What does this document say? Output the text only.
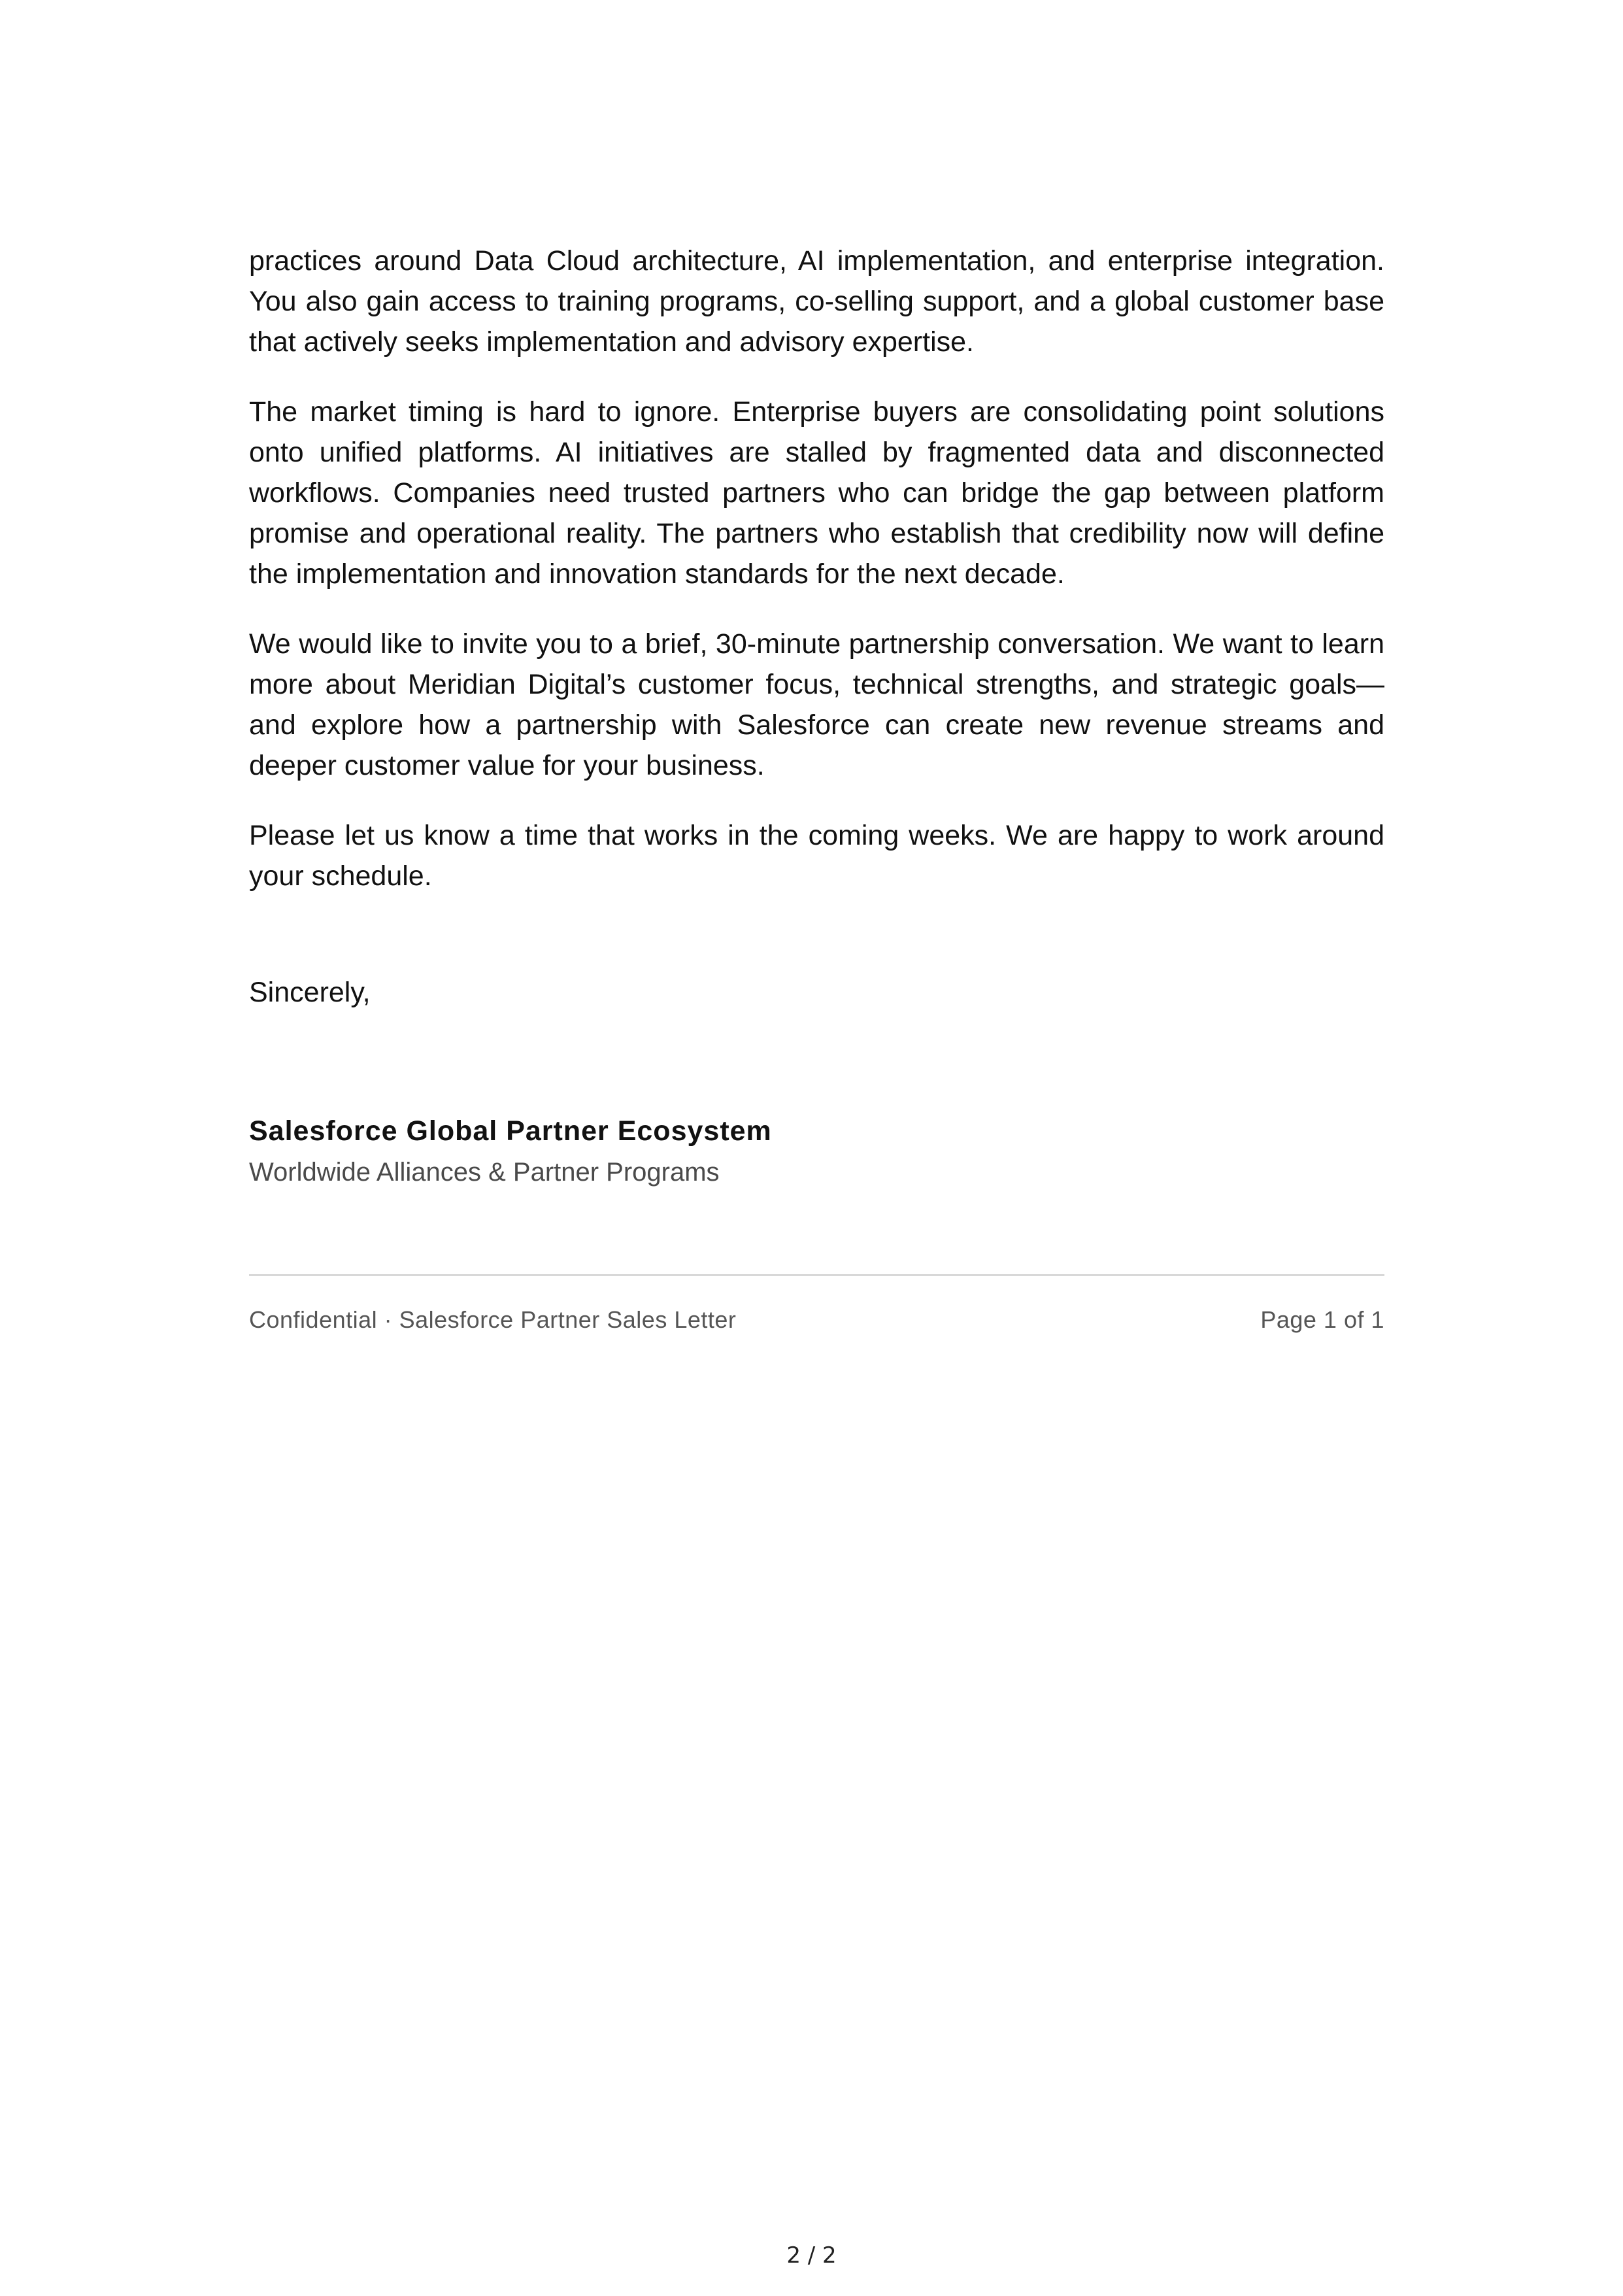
practices around Data Cloud architecture, AI implementation, and enterprise integration. You also gain access to training programs, co-selling support, and a global customer base that actively seeks implementation and advisory expertise.

The market timing is hard to ignore. Enterprise buyers are consolidating point solutions onto unified platforms. AI initiatives are stalled by fragmented data and disconnected workflows. Companies need trusted partners who can bridge the gap between platform promise and operational reality. The partners who establish that credibility now will define the implementation and innovation standards for the next decade.

We would like to invite you to a brief, 30-minute partnership conversation. We want to learn more about Meridian Digital’s customer focus, technical strengths, and strategic goals—and explore how a partnership with Salesforce can create new revenue streams and deeper customer value for your business.

Please let us know a time that works in the coming weeks. We are happy to work around your schedule.

Sincerely,

Salesforce Global Partner Ecosystem
Worldwide Alliances & Partner Programs
Confidential · Salesforce Partner Sales Letter	Page 1 of 1
2 / 2
